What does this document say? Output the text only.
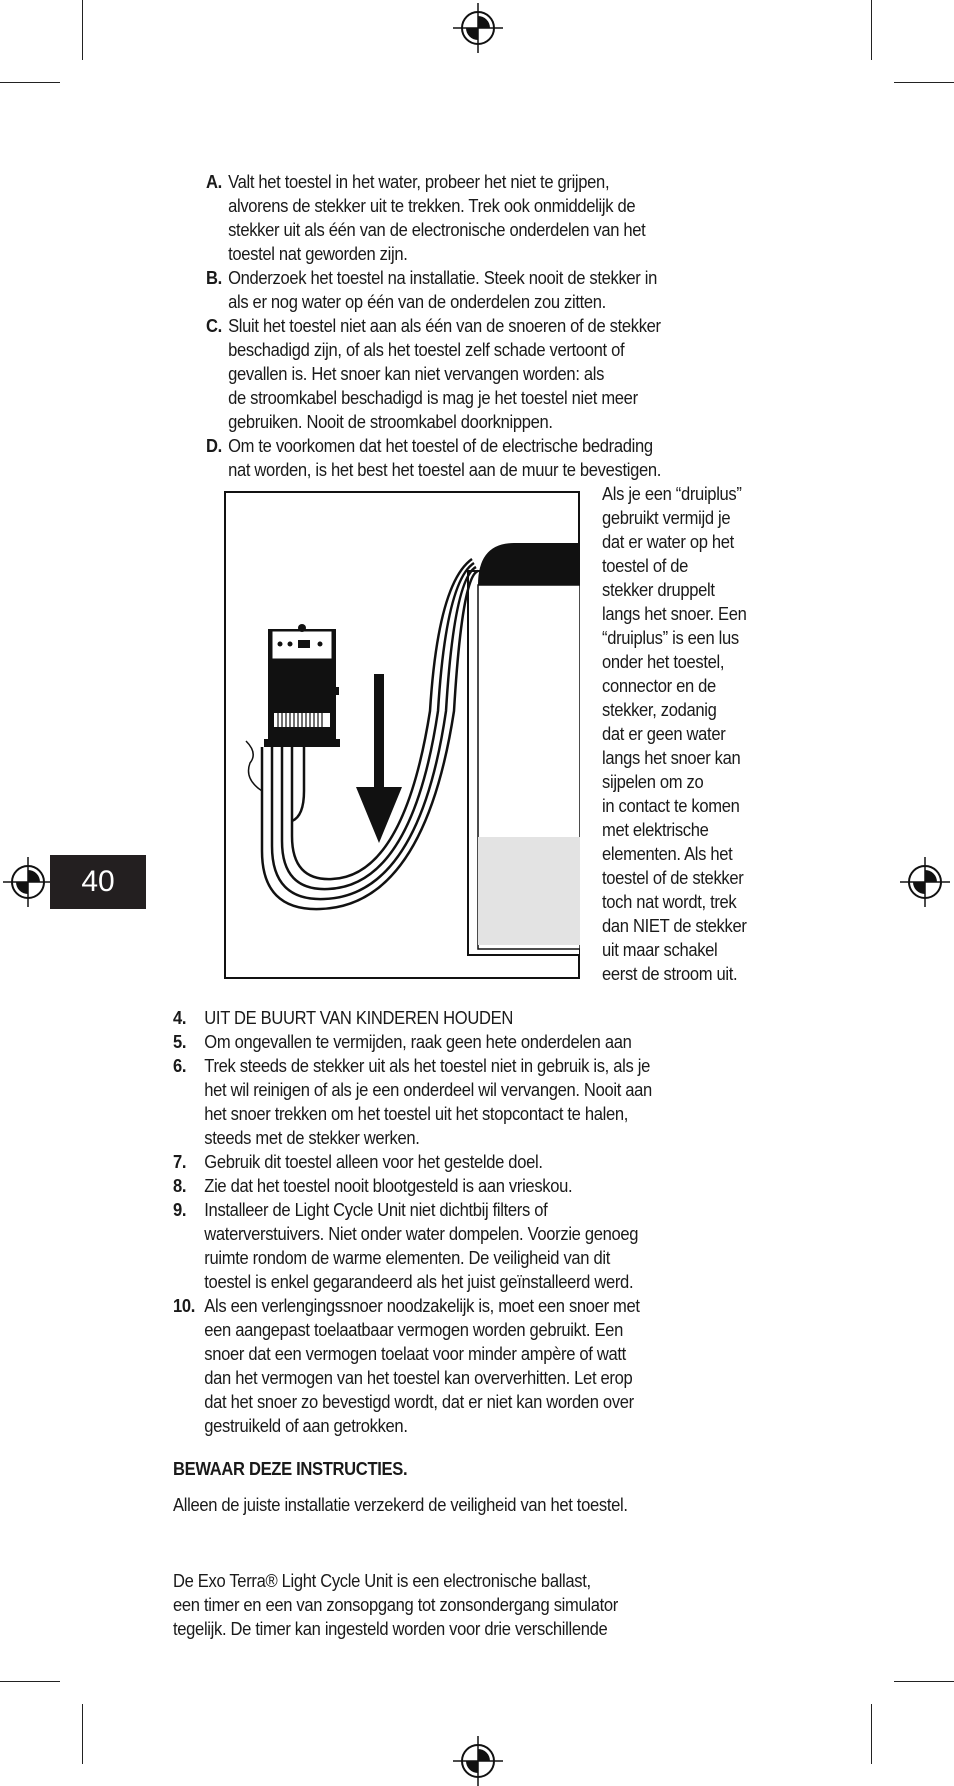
40
A. Valt het toestel in het water, probeer het niet te grijpen,
alvorens de stekker uit te trekken. Trek ook onmiddelijk de
stekker uit als één van de electronische onderdelen van het
toestel nat geworden zijn.
B. Onderzoek het toestel na installatie. Steek nooit de stekker in
als er nog water op één van de onderdelen zou zitten.
C. Sluit het toestel niet aan als één van de snoeren of de stekker
beschadigd zijn, of als het toestel zelf schade vertoont of
gevallen is. Het snoer kan niet vervangen worden: als
de stroomkabel beschadigd is mag je het toestel niet meer
gebruiken. Nooit de stroomkabel doorknippen.
D. Om te voorkomen dat het toestel of de electrische bedrading
nat worden, is het best het toestel aan de muur te bevestigen.
Als je een “druiplus”
gebruikt vermijd je
dat er water op het
toestel of de
stekker druppelt
langs het snoer. Een
“druiplus” is een lus
onder het toestel,
connector en de
stekker, zodanig
dat er geen water
langs het snoer kan
sijpelen om zo
in contact te komen
met elektrische
elementen. Als het
toestel of de stekker
toch nat wordt, trek
dan NIET de stekker
uit maar schakel
eerst de stroom uit.
4. UIT DE BUURT VAN KINDEREN HOUDEN
5. Om ongevallen te vermijden, raak geen hete onderdelen aan
6. Trek steeds de stekker uit als het toestel niet in gebruik is, als je
het wil reinigen of als je een onderdeel wil vervangen. Nooit aan
het snoer trekken om het toestel uit het stopcontact te halen,
steeds met de stekker werken.
7. Gebruik dit toestel alleen voor het gestelde doel.
8. Zie dat het toestel nooit blootgesteld is aan vrieskou.
9. Installeer de Light Cycle Unit niet dichtbij filters of
waterverstuivers. Niet onder water dompelen. Voorzie genoeg
ruimte rondom de warme elementen. De veiligheid van dit
toestel is enkel gegarandeerd als het juist geïnstalleerd werd.
10. Als een verlengingssnoer noodzakelijk is, moet een snoer met
een aangepast toelaatbaar vermogen worden gebruikt. Een
snoer dat een vermogen toelaat voor minder ampère of watt
dan het vermogen van het toestel kan oververhitten. Let erop
dat het snoer zo bevestigd wordt, dat er niet kan worden over
gestruikeld of aan getrokken.
BEWAAR DEZE INSTRUCTIES.
Alleen de juiste installatie verzekerd de veiligheid van het toestel.
De Exo Terra® Light Cycle Unit is een electronische ballast,
een timer en een van zonsopgang tot zonsondergang simulator
tegelijk. De timer kan ingesteld worden voor drie verschillende
